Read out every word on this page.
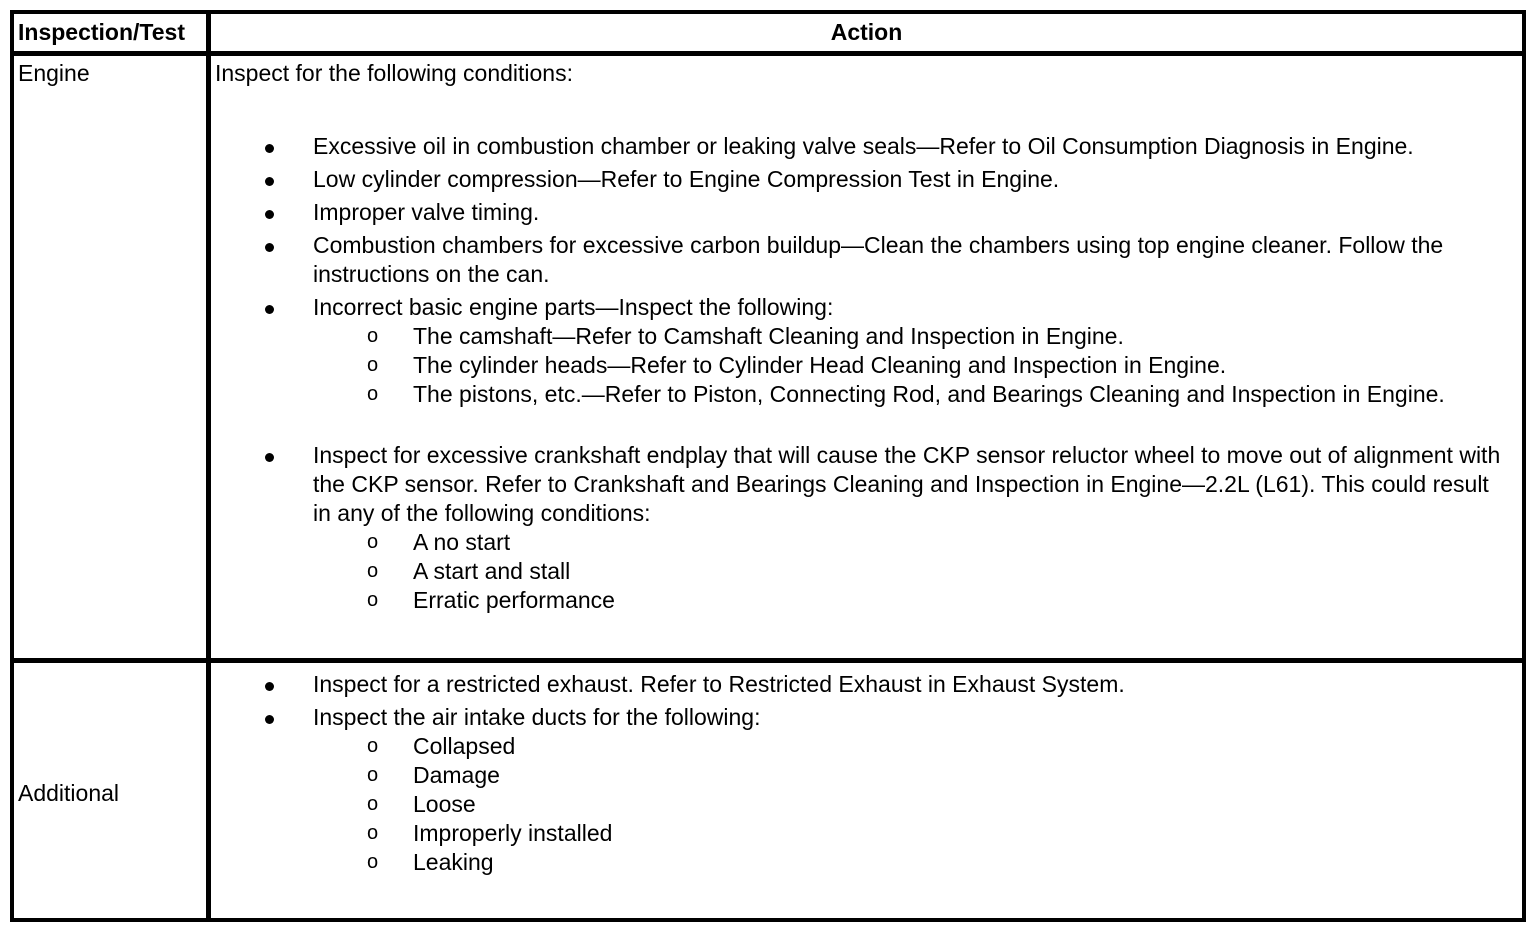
Inspection/Test	Action
Engine	Inspect for the following conditions:
Excessive oil in combustion chamber or leaking valve seals—Refer to Oil Consumption Diagnosis in Engine.
Low cylinder compression—Refer to Engine Compression Test in Engine.
Improper valve timing.
Combustion chambers for excessive carbon buildup—Clean the chambers using top engine cleaner. Follow the instructions on the can.
Incorrect basic engine parts—Inspect the following:
o The camshaft—Refer to Camshaft Cleaning and Inspection in Engine.
o The cylinder heads—Refer to Cylinder Head Cleaning and Inspection in Engine.
o The pistons, etc.—Refer to Piston, Connecting Rod, and Bearings Cleaning and Inspection in Engine.
Inspect for excessive crankshaft endplay that will cause the CKP sensor reluctor wheel to move out of alignment with the CKP sensor. Refer to Crankshaft and Bearings Cleaning and Inspection in Engine—2.2L (L61). This could result in any of the following conditions:
o A no start
o A start and stall
o Erratic performance
Additional
Inspect for a restricted exhaust. Refer to Restricted Exhaust in Exhaust System.
Inspect the air intake ducts for the following:
o Collapsed
o Damage
o Loose
o Improperly installed
o Leaking
